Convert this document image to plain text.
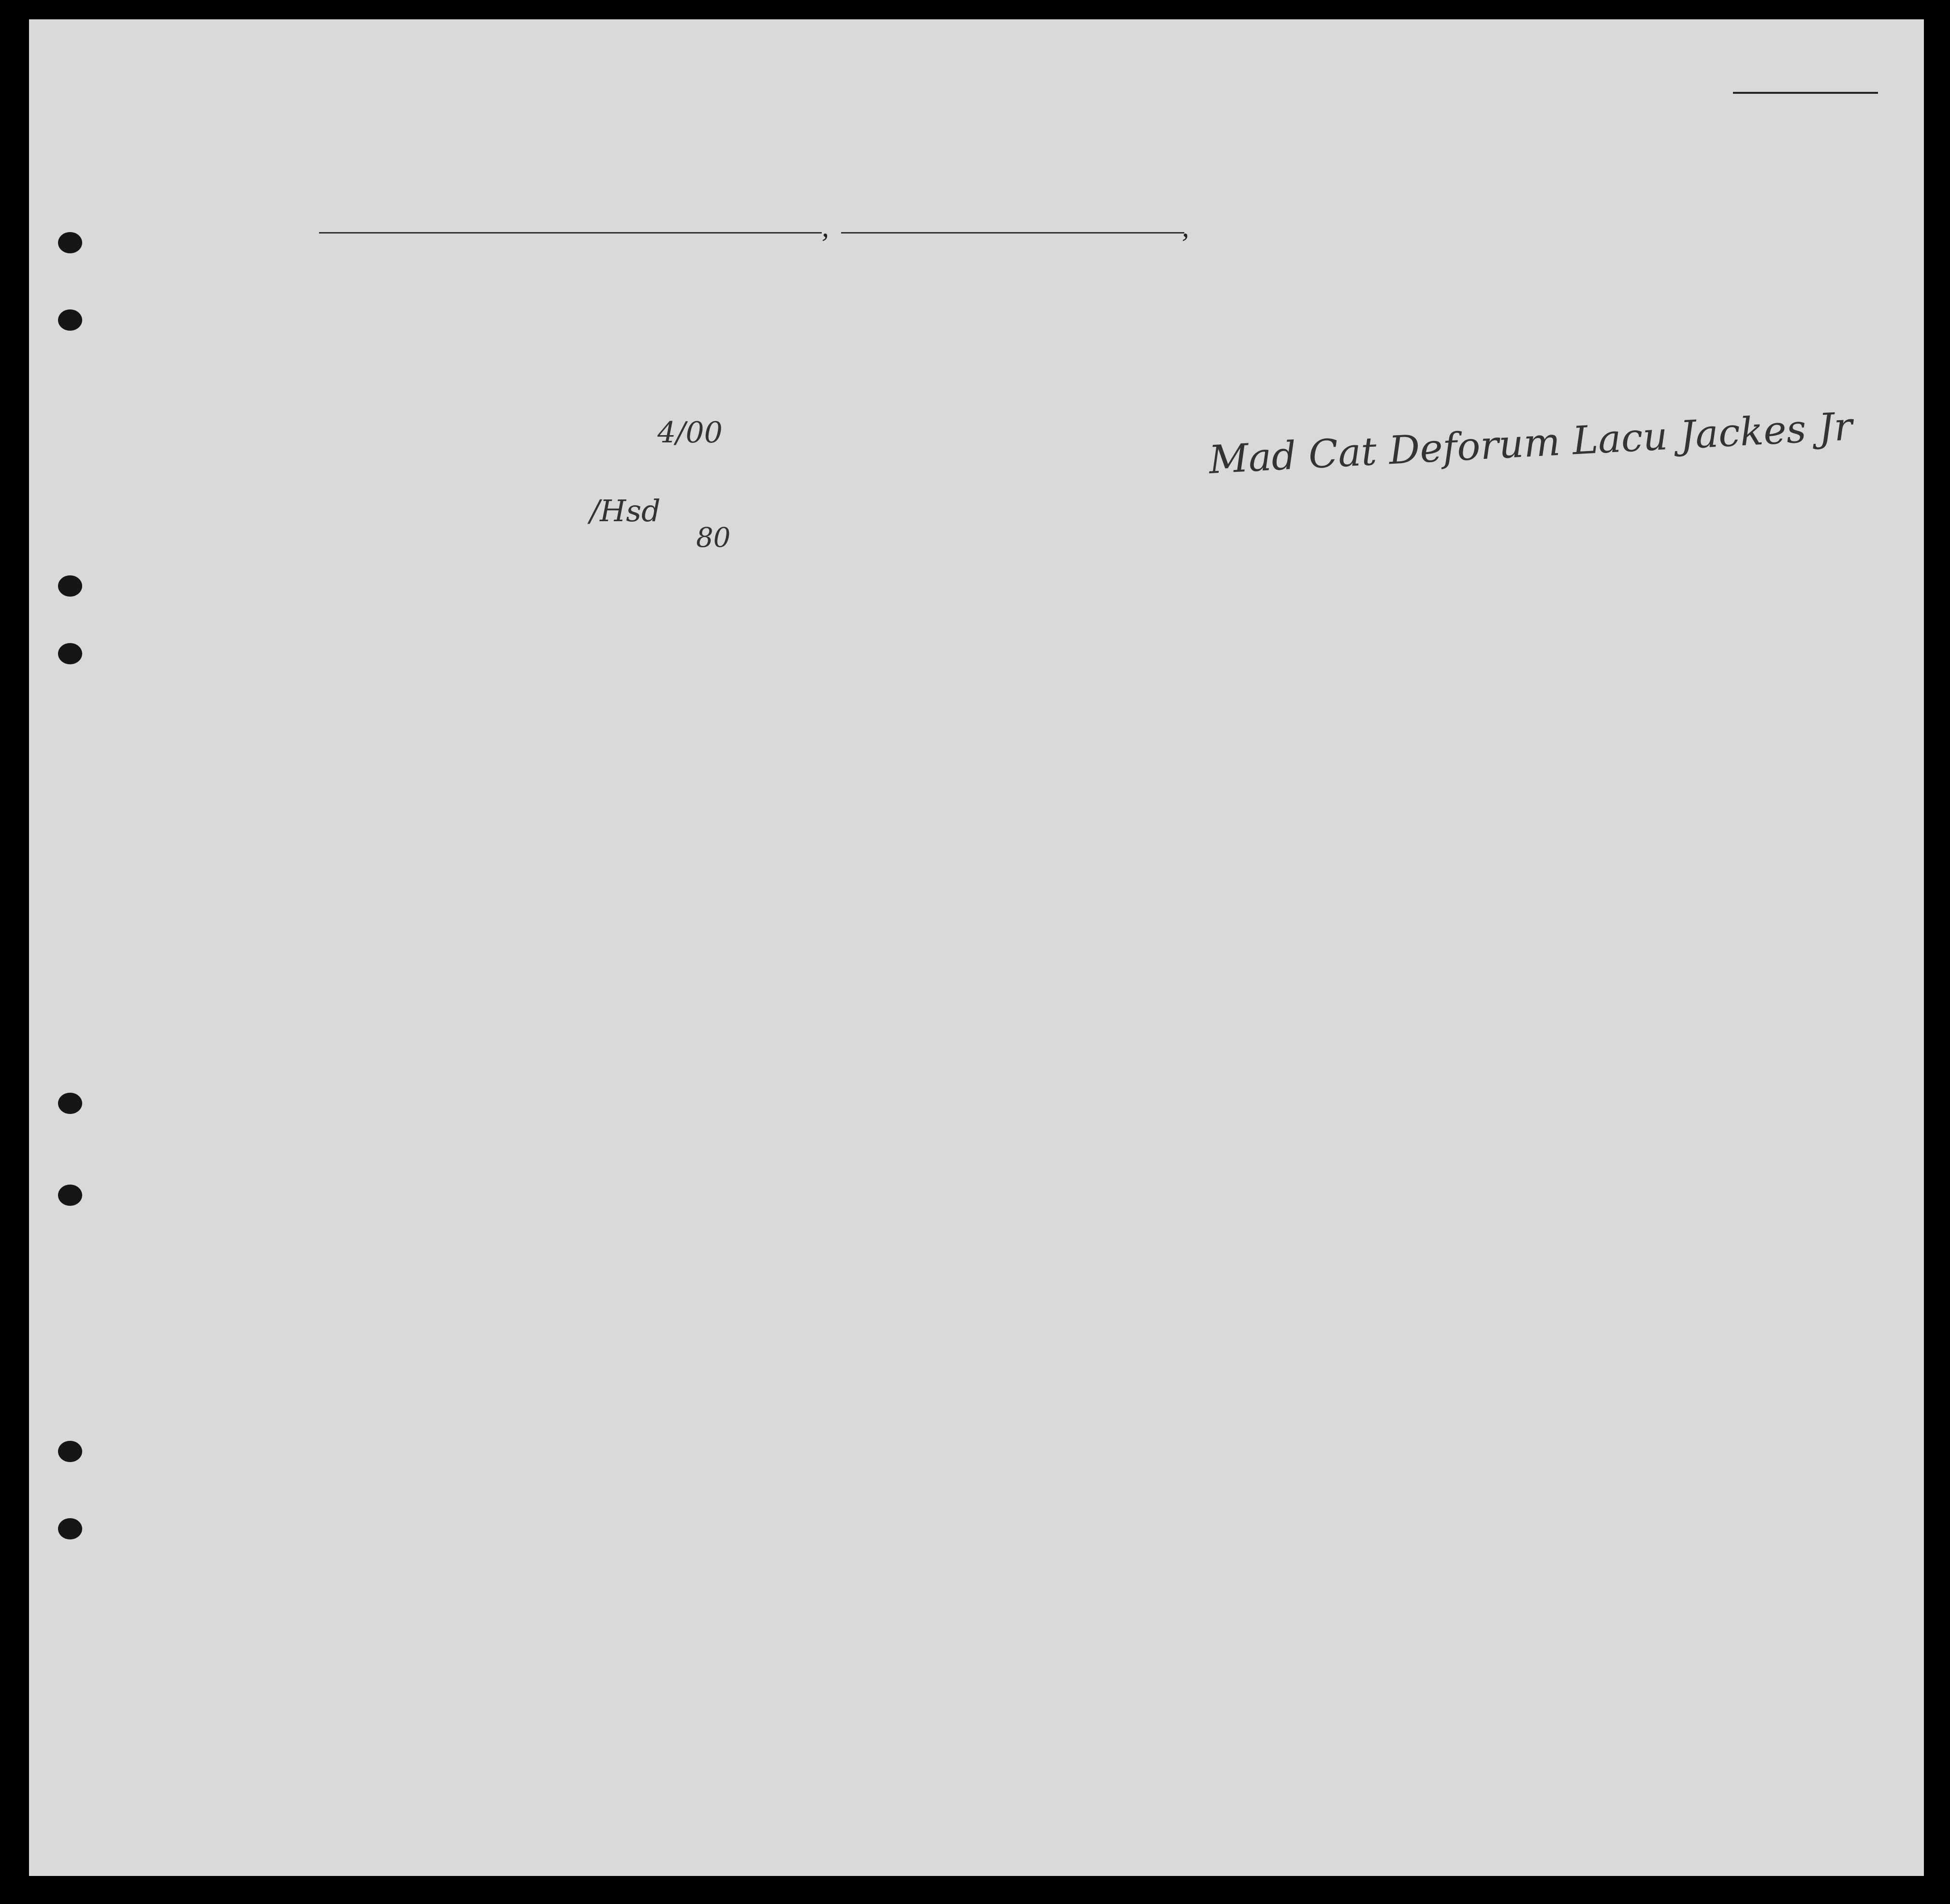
,	,
4/00
/Hsd
80
Mad Cat Deforum Lacu Jackes Jr
